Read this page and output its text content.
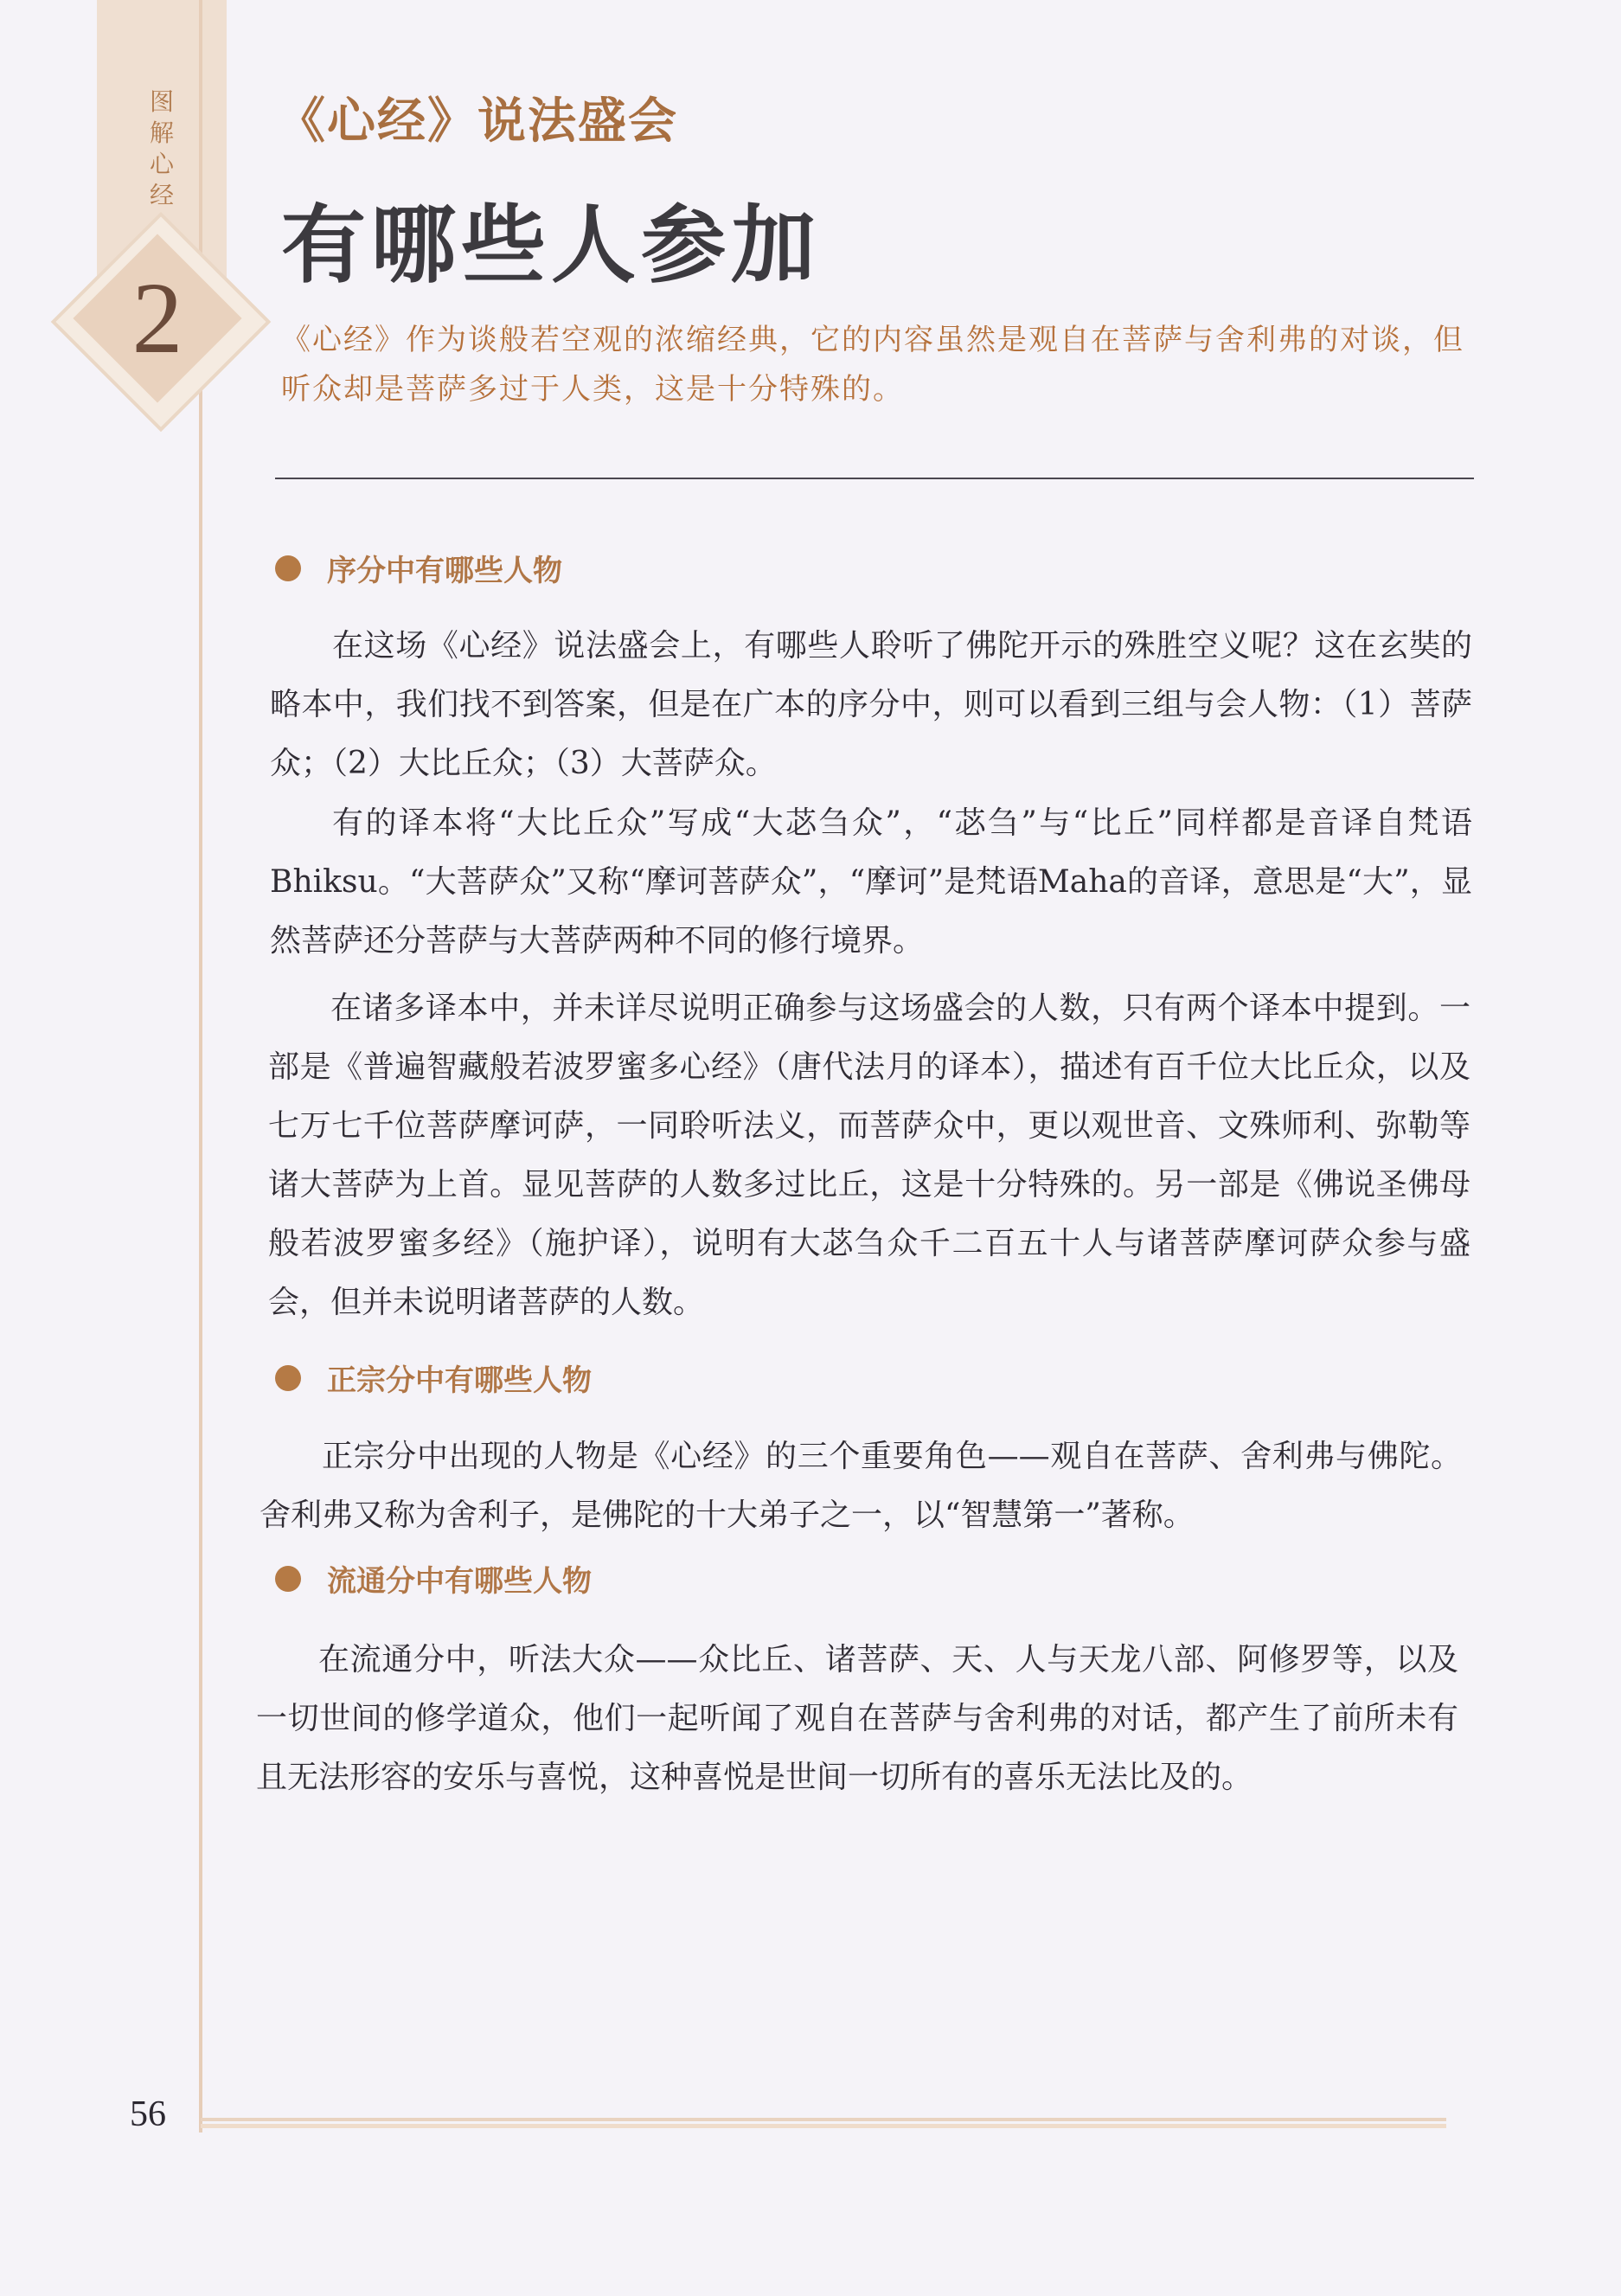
图解心经
2
《心经》说法盛会
有哪些人参加
《心经》作为谈般若空观的浓缩经典，它的内容虽然是观自在菩萨与舍利弗的对谈，但听众却是菩萨多过于人类，这是十分特殊的。
序分中有哪些人物

在这场《心经》说法盛会上，有哪些人聆听了佛陀开示的殊胜空义呢？这在玄奘的略本中，我们找不到答案，但是在广本的序分中，则可以看到三组与会人物：（1）菩萨众；（2）大比丘众；（3）大菩萨众。

有的译本将“大比丘众”写成“大苾刍众”，“苾刍”与“比丘”同样都是音译自梵语Bhiksu。“大菩萨众”又称“摩诃菩萨众”，“摩诃”是梵语Maha的音译，意思是“大”，显然菩萨还分菩萨与大菩萨两种不同的修行境界。

在诸多译本中，并未详尽说明正确参与这场盛会的人数，只有两个译本中提到。一部是《普遍智藏般若波罗蜜多心经》（唐代法月的译本），描述有百千位大比丘众，以及七万七千位菩萨摩诃萨，一同聆听法义，而菩萨众中，更以观世音、文殊师利、弥勒等诸大菩萨为上首。显见菩萨的人数多过比丘，这是十分特殊的。另一部是《佛说圣佛母般若波罗蜜多经》（施护译），说明有大苾刍众千二百五十人与诸菩萨摩诃萨众参与盛会，但并未说明诸菩萨的人数。

正宗分中有哪些人物

正宗分中出现的人物是《心经》的三个重要角色——观自在菩萨、舍利弗与佛陀。舍利弗又称为舍利子，是佛陀的十大弟子之一，以“智慧第一”著称。

流通分中有哪些人物

在流通分中，听法大众——众比丘、诸菩萨、天、人与天龙八部、阿修罗等，以及一切世间的修学道众，他们一起听闻了观自在菩萨与舍利弗的对话，都产生了前所未有且无法形容的安乐与喜悦，这种喜悦是世间一切所有的喜乐无法比及的。

56
